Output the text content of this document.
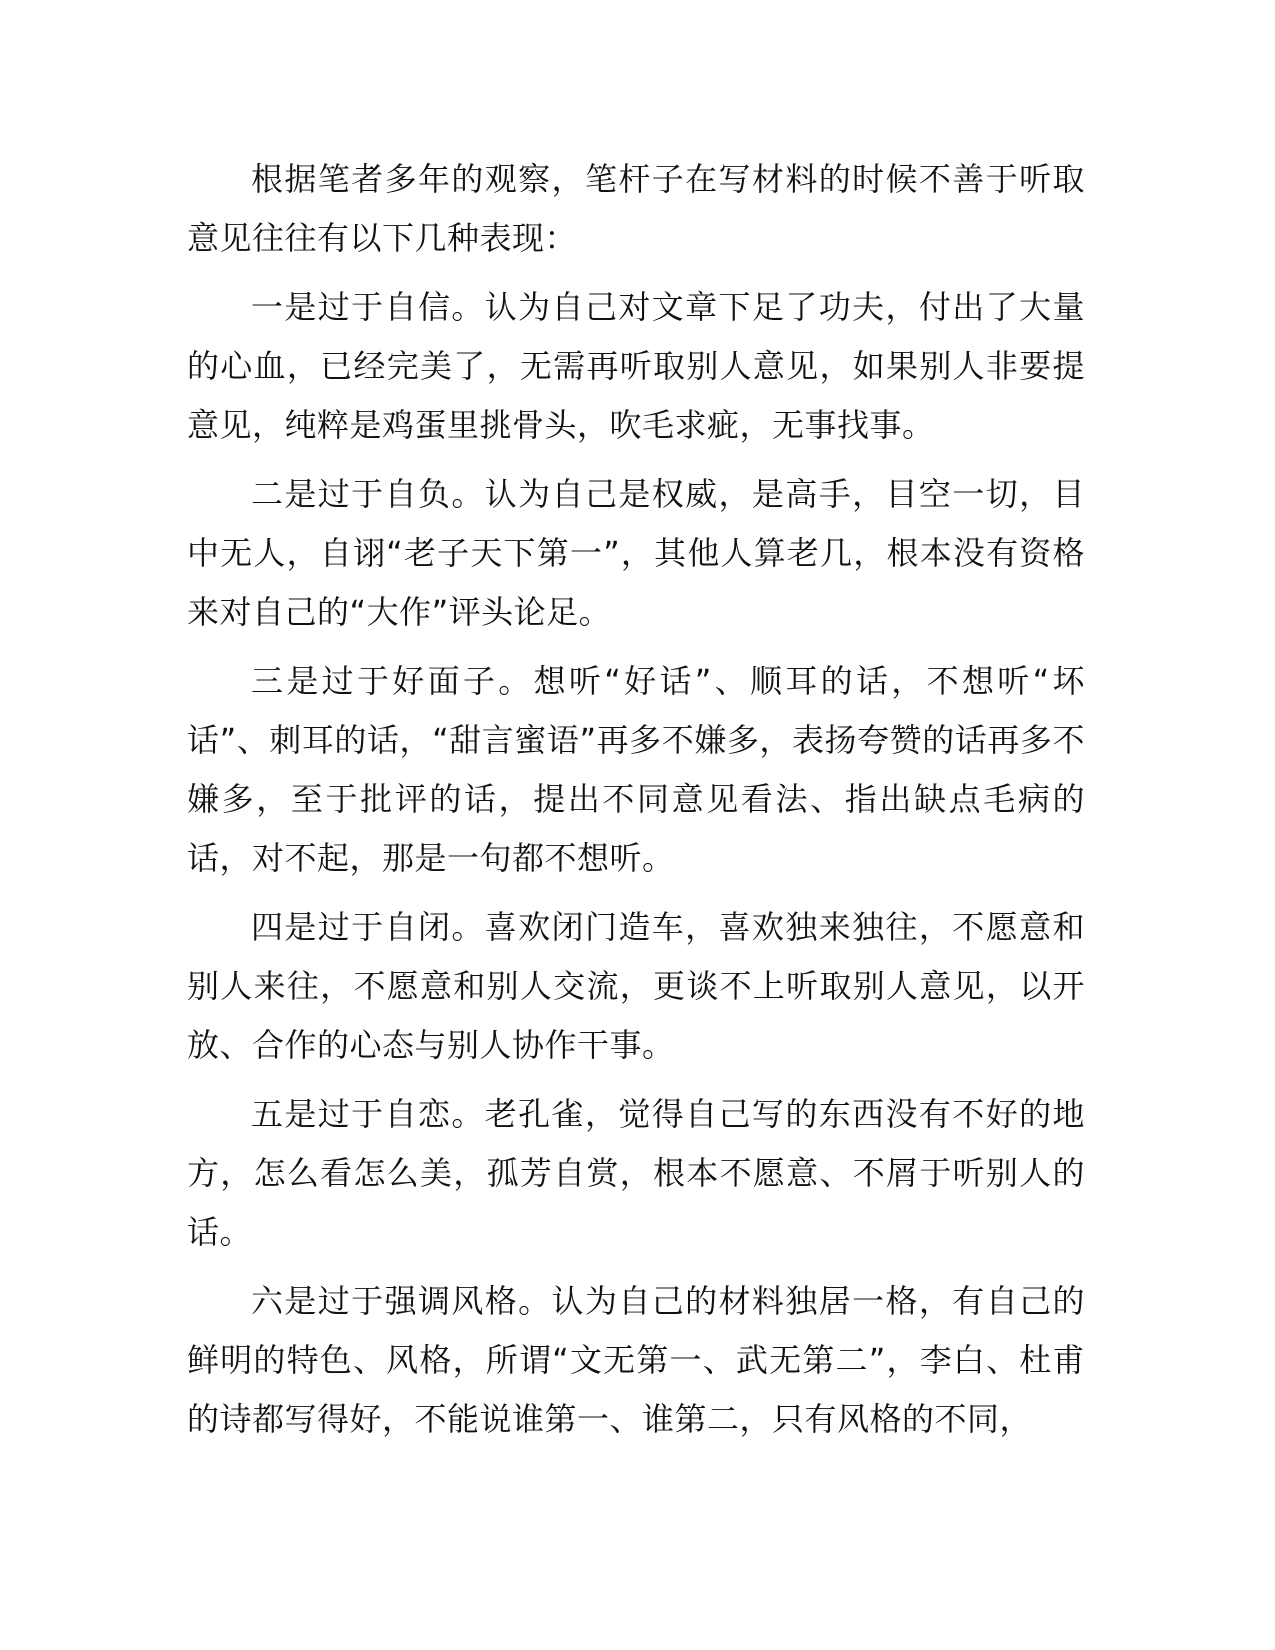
根据笔者多年的观察，笔杆子在写材料的时候不善于听取意见往往有以下几种表现：

一是过于自信。认为自己对文章下足了功夫，付出了大量的心血，已经完美了，无需再听取别人意见，如果别人非要提意见，纯粹是鸡蛋里挑骨头，吹毛求疵，无事找事。

二是过于自负。认为自己是权威，是高手，目空一切，目中无人，自诩“老子天下第一”，其他人算老几，根本没有资格来对自己的“大作”评头论足。

三是过于好面子。想听“好话”、顺耳的话，不想听“坏话”、刺耳的话，“甜言蜜语”再多不嫌多，表扬夸赞的话再多不嫌多，至于批评的话，提出不同意见看法、指出缺点毛病的话，对不起，那是一句都不想听。

四是过于自闭。喜欢闭门造车，喜欢独来独往，不愿意和别人来往，不愿意和别人交流，更谈不上听取别人意见，以开放、合作的心态与别人协作干事。

五是过于自恋。老孔雀，觉得自己写的东西没有不好的地方，怎么看怎么美，孤芳自赏，根本不愿意、不屑于听别人的话。

六是过于强调风格。认为自己的材料独居一格，有自己的鲜明的特色、风格，所谓“文无第一、武无第二”，李白、杜甫的诗都写得好，不能说谁第一、谁第二，只有风格的不同，
